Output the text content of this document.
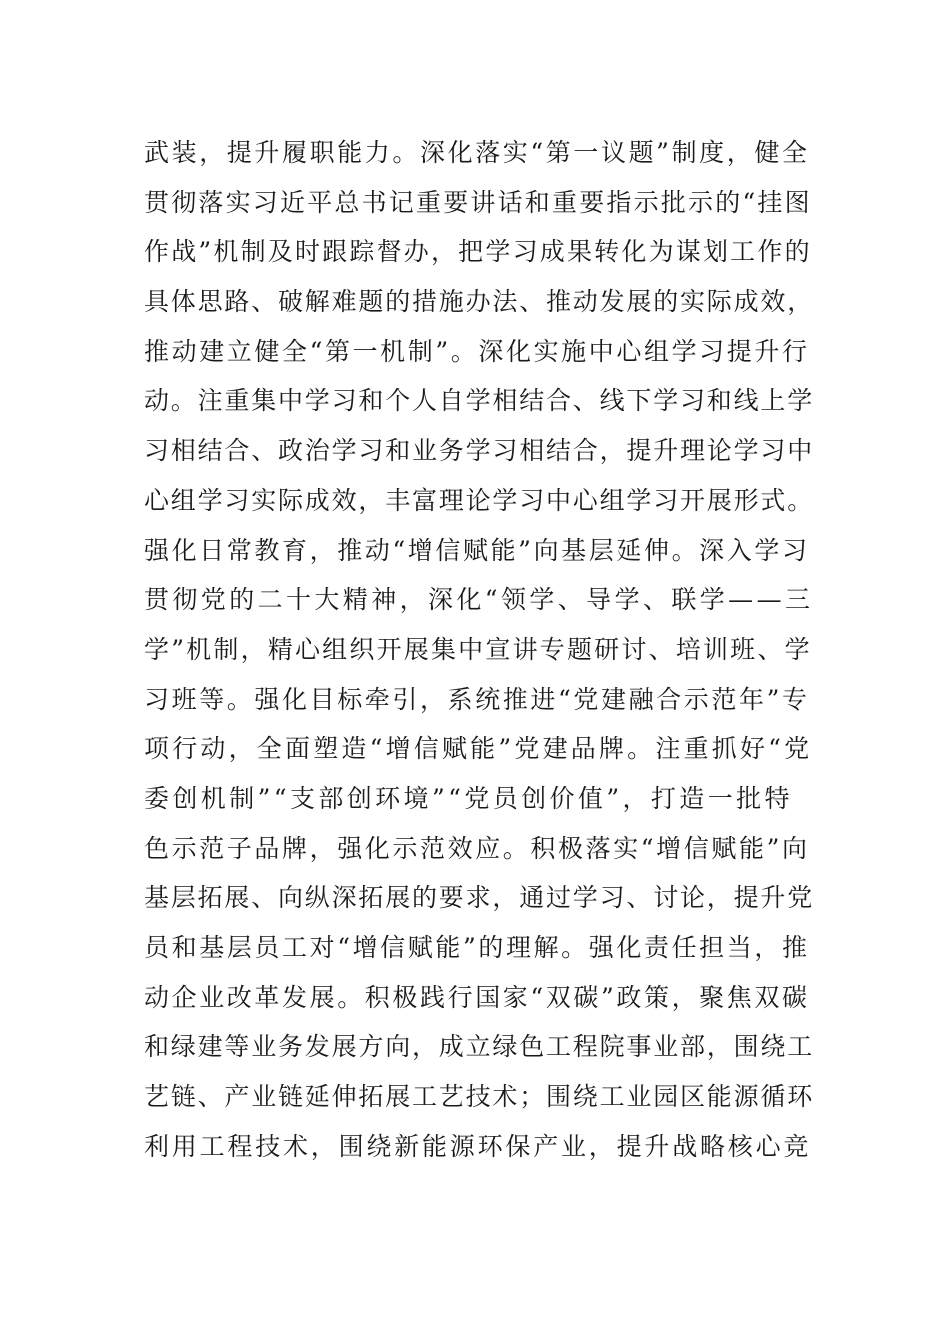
武装，提升履职能力。深化落实“第一议题”制度，健全
贯彻落实习近平总书记重要讲话和重要指示批示的“挂图
作战”机制及时跟踪督办，把学习成果转化为谋划工作的
具体思路、破解难题的措施办法、推动发展的实际成效，
推动建立健全“第一机制”。深化实施中心组学习提升行
动。注重集中学习和个人自学相结合、线下学习和线上学
习相结合、政治学习和业务学习相结合，提升理论学习中
心组学习实际成效，丰富理论学习中心组学习开展形式。
强化日常教育，推动“增信赋能”向基层延伸。深入学习
贯彻党的二十大精神，深化“领学、导学、联学——三
学”机制，精心组织开展集中宣讲专题研讨、培训班、学
习班等。强化目标牵引，系统推进“党建融合示范年”专
项行动，全面塑造“增信赋能”党建品牌。注重抓好“党
委创机制”“支部创环境”“党员创价值”，打造一批特
色示范子品牌，强化示范效应。积极落实“增信赋能”向
基层拓展、向纵深拓展的要求，通过学习、讨论，提升党
员和基层员工对“增信赋能”的理解。强化责任担当，推
动企业改革发展。积极践行国家“双碳”政策，聚焦双碳
和绿建等业务发展方向，成立绿色工程院事业部，围绕工
艺链、产业链延伸拓展工艺技术；围绕工业园区能源循环
利用工程技术，围绕新能源环保产业，提升战略核心竞
